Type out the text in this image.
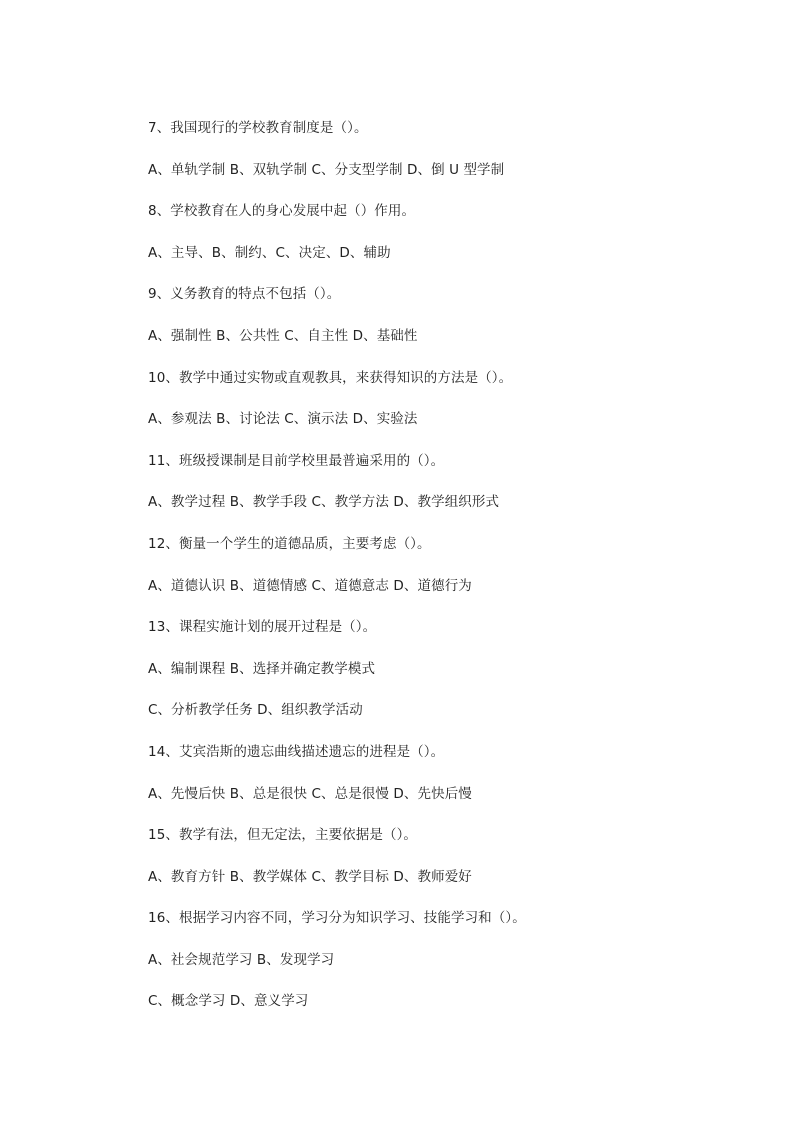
7、我国现行的学校教育制度是（）。
A、单轨学制 B、双轨学制 C、分支型学制 D、倒 U 型学制
8、学校教育在人的身心发展中起（）作用。
A、主导、B、制约、C、决定、D、辅助
9、义务教育的特点不包括（）。
A、强制性 B、公共性 C、自主性 D、基础性
10、教学中通过实物或直观教具，来获得知识的方法是（）。
A、参观法 B、讨论法 C、演示法 D、实验法
11、班级授课制是目前学校里最普遍采用的（）。
A、教学过程 B、教学手段 C、教学方法 D、教学组织形式
12、衡量一个学生的道德品质，主要考虑（）。
A、道德认识 B、道德情感 C、道德意志 D、道德行为
13、课程实施计划的展开过程是（）。
A、编制课程 B、选择并确定教学模式
C、分析教学任务 D、组织教学活动
14、艾宾浩斯的遗忘曲线描述遗忘的进程是（）。
A、先慢后快 B、总是很快 C、总是很慢 D、先快后慢
15、教学有法，但无定法，主要依据是（）。
A、教育方针 B、教学媒体 C、教学目标 D、教师爱好
16、根据学习内容不同，学习分为知识学习、技能学习和（）。
A、社会规范学习 B、发现学习
C、概念学习 D、意义学习
